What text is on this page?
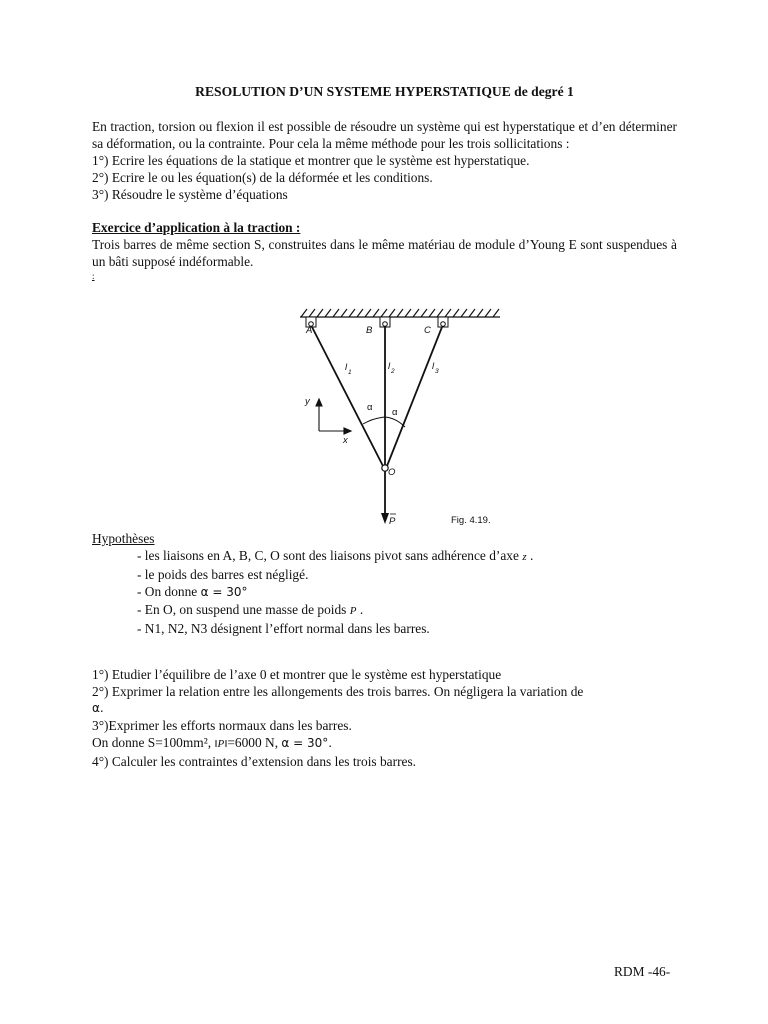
RESOLUTION D’UN SYSTEME HYPERSTATIQUE de degré 1

En traction, torsion ou flexion il est possible de résoudre un système qui est hyperstatique et d’en déterminer sa déformation, ou la contrainte. Pour cela la même méthode pour les trois sollicitations :

1°) Ecrire les équations de la statique et montrer que le système est hyperstatique.

2°) Ecrire le ou les équation(s) de la déformée et les conditions.

3°) Résoudre le système d’équations

Exercice d’application à la traction :

Trois barres de même section S, construites dans le même matériau de module d’Young E sont suspendues à un bâti supposé indéformable.

:

A	B	C
O
l 1
l 2	l 3
α α
y
x
P	Fig. 4.19.

Hypothèses

- les liaisons en A, B, C, O sont des liaisons pivot sans adhérence d’axe z .

- le poids des barres est négligé.

- On donne α = 30°

- En O, on suspend une masse de poids P .

- N1, N2, N3 désignent l’effort normal dans les barres.

1°) Etudier l’équilibre de l’axe 0 et montrer que le système est hyperstatique

2°) Exprimer la relation entre les allongements des trois barres. On négligera la variation de

α.

3°)Exprimer les efforts normaux dans les barres.

On donne S=100mm², ‖P‖=6000 N, α = 30°.

4°) Calculer les contraintes d’extension dans les trois barres.

RDM -46-
